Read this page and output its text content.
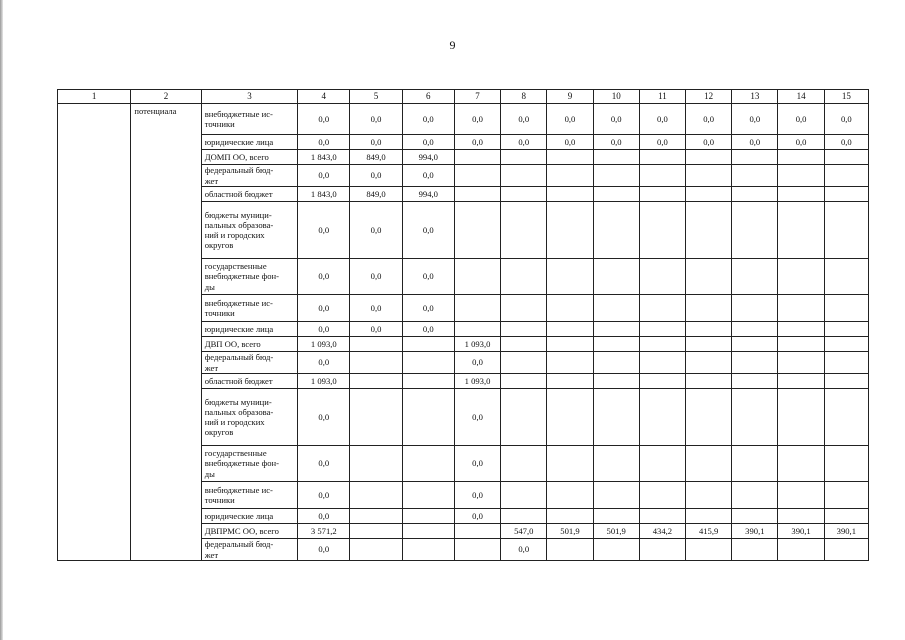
9
1	2	3	4	5	6	7	8	9	10	11	12	13	14	15
	потенциала	внебюджетные ис-
точники	0,0	0,0	0,0	0,0	0,0	0,0	0,0	0,0	0,0	0,0	0,0	0,0
		юридические лица	0,0	0,0	0,0	0,0	0,0	0,0	0,0	0,0	0,0	0,0	0,0	0,0
		ДОМП ОО, всего	1 843,0	849,0	994,0									
		федеральный бюд-
жет	0,0	0,0	0,0									
		областной бюджет	1 843,0	849,0	994,0									
		бюджеты муници-
пальных образова-
ний и городских
округов	0,0	0,0	0,0									
		государственные
внебюджетные фон-
ды	0,0	0,0	0,0									
		внебюджетные ис-
точники	0,0	0,0	0,0									
		юридические лица	0,0	0,0	0,0									
		ДВП ОО, всего	1 093,0			1 093,0								
		федеральный бюд-
жет	0,0			0,0								
		областной бюджет	1 093,0			1 093,0								
		бюджеты муници-
пальных образова-
ний и городских
округов	0,0			0,0								
		государственные
внебюджетные фон-
ды	0,0			0,0								
		внебюджетные ис-
точники	0,0			0,0								
		юридические лица	0,0			0,0								
		ДВПРМС ОО, всего	3 571,2				547,0	501,9	501,9	434,2	415,9	390,1	390,1	390,1
		федеральный бюд-
жет	0,0				0,0							
